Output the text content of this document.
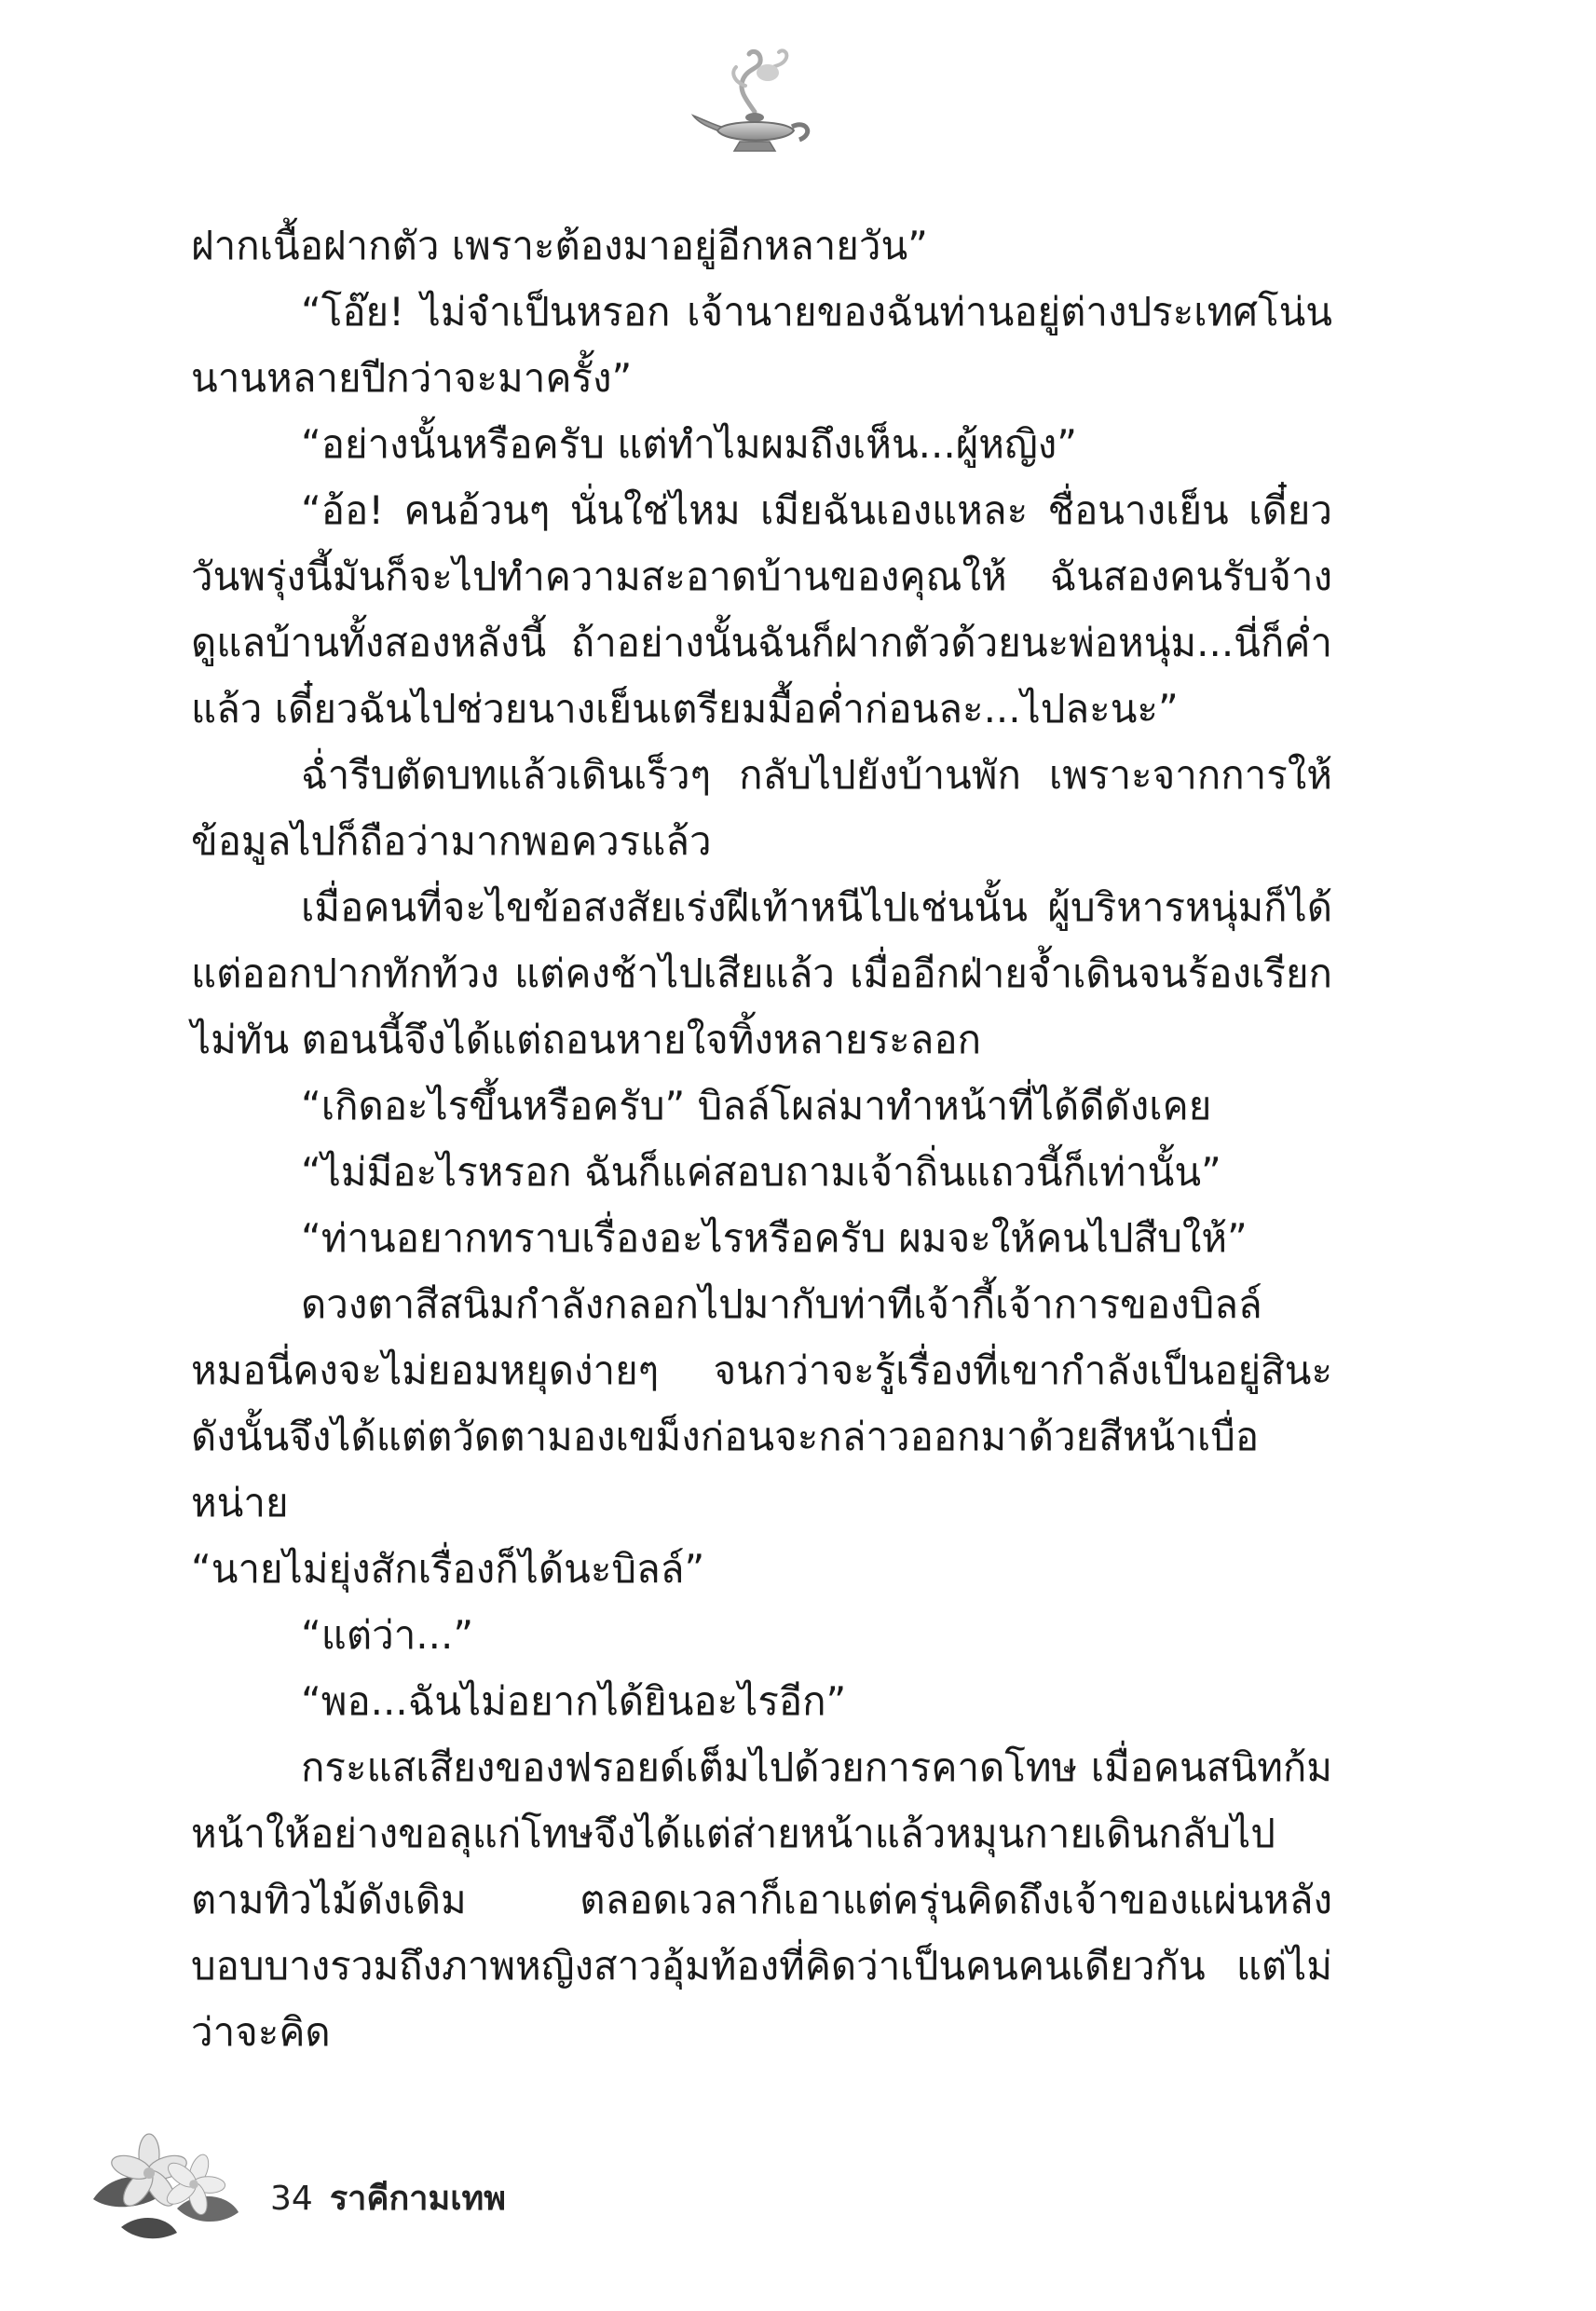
ฝากเนื้อฝากตัว เพราะต้องมาอยู่อีกหลายวัน”

“โอ๊ย! ไม่จำเป็นหรอก เจ้านายของฉันท่านอยู่ต่างประเทศโน่นนานหลายปีกว่าจะมาครั้ง”

“อย่างนั้นหรือครับ แต่ทำไมผมถึงเห็น...ผู้หญิง”

“อ้อ! คนอ้วนๆ นั่นใช่ไหม เมียฉันเองแหละ ชื่อนางเย็น เดี๋ยววันพรุ่งนี้มันก็จะไปทำความสะอาดบ้านของคุณให้ ฉันสองคนรับจ้างดูแลบ้านทั้งสองหลังนี้ ถ้าอย่างนั้นฉันก็ฝากตัวด้วยนะพ่อหนุ่ม...นี่ก็ค่ำแล้ว เดี๋ยวฉันไปช่วยนางเย็นเตรียมมื้อค่ำก่อนละ...ไปละนะ”

ฉ่ำรีบตัดบทแล้วเดินเร็วๆ กลับไปยังบ้านพัก เพราะจากการให้ข้อมูลไปก็ถือว่ามากพอควรแล้ว

เมื่อคนที่จะไขข้อสงสัยเร่งฝีเท้าหนีไปเช่นนั้น ผู้บริหารหนุ่มก็ได้แต่ออกปากทักท้วง แต่คงช้าไปเสียแล้ว เมื่ออีกฝ่ายจ้ำเดินจนร้องเรียกไม่ทัน ตอนนี้จึงได้แต่ถอนหายใจทิ้งหลายระลอก

“เกิดอะไรขึ้นหรือครับ” บิลล์โผล่มาทำหน้าที่ได้ดีดังเคย

“ไม่มีอะไรหรอก ฉันก็แค่สอบถามเจ้าถิ่นแถวนี้ก็เท่านั้น”

“ท่านอยากทราบเรื่องอะไรหรือครับ ผมจะให้คนไปสืบให้”

ดวงตาสีสนิมกำลังกลอกไปมากับท่าทีเจ้ากี้เจ้าการของบิลล์หมอนี่คงจะไม่ยอมหยุดง่ายๆ จนกว่าจะรู้เรื่องที่เขากำลังเป็นอยู่สินะ ดังนั้นจึงได้แต่ตวัดตามองเขม็งก่อนจะกล่าวออกมาด้วยสีหน้าเบื่อหน่าย

“นายไม่ยุ่งสักเรื่องก็ได้นะบิลล์”

“แต่ว่า...”

“พอ...ฉันไม่อยากได้ยินอะไรอีก”

กระแสเสียงของฟรอยด์เต็มไปด้วยการคาดโทษ เมื่อคนสนิทก้มหน้าให้อย่างขอลุแก่โทษจึงได้แต่ส่ายหน้าแล้วหมุนกายเดินกลับไปตามทิวไม้ดังเดิม ตลอดเวลาก็เอาแต่ครุ่นคิดถึงเจ้าของแผ่นหลังบอบบางรวมถึงภาพหญิงสาวอุ้มท้องที่คิดว่าเป็นคนคนเดียวกัน แต่ไม่ว่าจะคิด

34 ราคีกามเทพ
